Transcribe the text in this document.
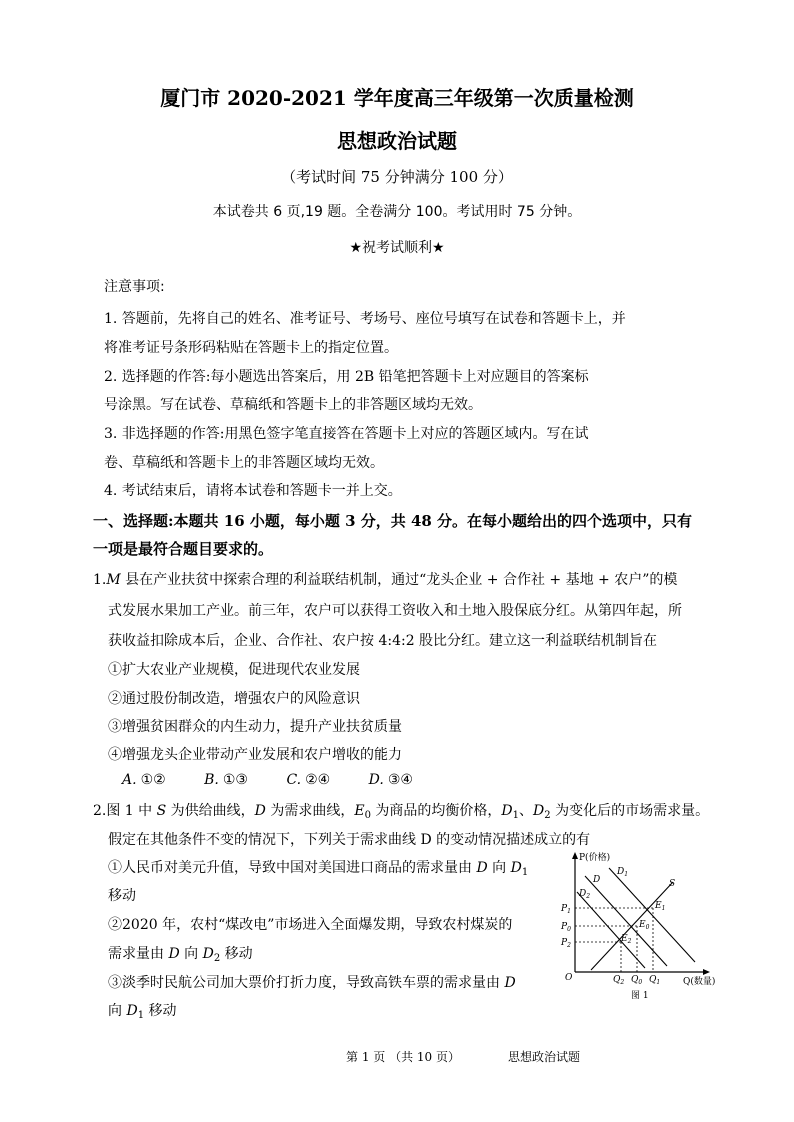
厦门市 2020-2021 学年度高三年级第一次质量检测
思想政治试题
（考试时间 75 分钟满分 100 分）
本试卷共 6 页,19 题。全卷满分 100。考试用时 75 分钟。
★祝考试顺利★
注意事项:
1. 答题前，先将自己的姓名、准考证号、考场号、座位号填写在试卷和答题卡上，并
将准考证号条形码粘贴在答题卡上的指定位置。
2. 选择题的作答:每小题选出答案后，用 2B 铅笔把答题卡上对应题目的答案标
号涂黑。写在试卷、草稿纸和答题卡上的非答题区域均无效。
3. 非选择题的作答:用黑色签字笔直接答在答题卡上对应的答题区域内。写在试
卷、草稿纸和答题卡上的非答题区域均无效。
4. 考试结束后，请将本试卷和答题卡一并上交。
一、选择题:本题共 16 小题，每小题 3 分，共 48 分。在每小题给出的四个选项中，只有
一项是最符合题目要求的。
1.M 县在产业扶贫中探索合理的利益联结机制，通过“龙头企业 + 合作社 + 基地 + 农户”的模
式发展水果加工产业。前三年，农户可以获得工资收入和土地入股保底分红。从第四年起，所
获收益扣除成本后，企业、合作社、农户按 4:4:2 股比分红。建立这一利益联结机制旨在
①扩大农业产业规模，促进现代农业发展
②通过股份制改造，增强农户的风险意识
③增强贫困群众的内生动力，提升产业扶贫质量
④增强龙头企业带动产业发展和农户增收的能力
A. ①②	B. ①③	C. ②④	D. ③④
2.图 1 中 S 为供给曲线，D 为需求曲线，$E_0$ 为商品的均衡价格，$D_1$、$D_2$ 为变化后的市场需求量。
假定在其他条件不变的情况下，下列关于需求曲线 D 的变动情况描述成立的有
①人民币对美元升值，导致中国对美国进口商品的需求量由 D 向 $D_1$
移动
②2020 年，农村“煤改电”市场进入全面爆发期，导致农村煤炭的
需求量由 D 向 $D_2$ 移动
③淡季时民航公司加大票价打折力度，导致高铁车票的需求量由 D
向 $D_1$ 移动
P(价格)
Q(数量)
O
D
$D_1$
$D_2$
S
$P_1$
$P_0$
$P_2$
$Q_2$ $Q_0$ $Q_1$
$E_1$
$E_0$
$E_2$
图 1
第 1 页 （共 10 页）	思想政治试题
